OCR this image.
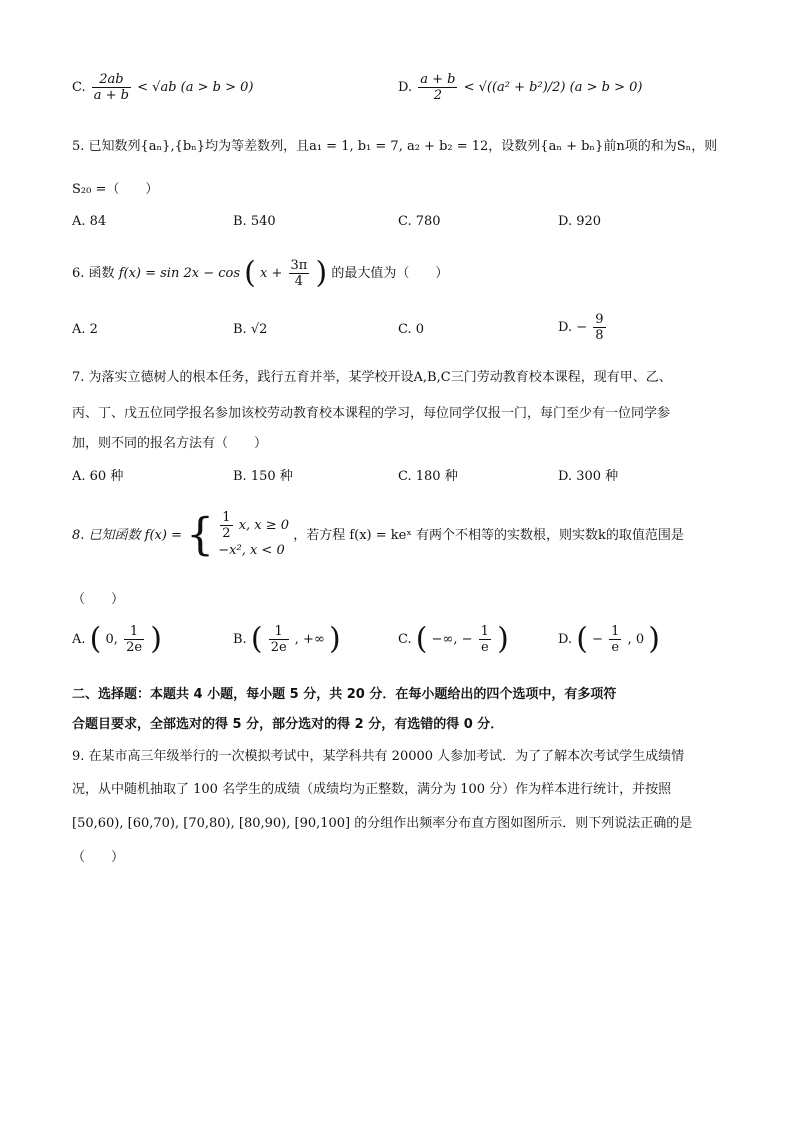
C. $\frac{2ab}{a + b} < √ab$ (a > b > 0)	D. $\frac{a + b}{2} < √((a^2 + b^2)/2) (a > b > 0)$
5. 已知数列{aₙ},{bₙ}均为等差数列，且a₁ = 1, b₁ = 7, a₂ + b₂ = 12，设数列{aₙ + bₙ}前n项的和为Sₙ，则
S₂₀ =（　　）
A. 84	B. 540	C. 780	D. 920
6. 函数 f(x) = sin 2x − cos ( $x + \frac{3\pi}{4}$ ) 的最大值为（　　）
A. 2	B. √2	C. 0	D. − $\frac{9}{8}$
7. 为落实立德树人的根本任务，践行五育并举，某学校开设A,B,C三门劳动教育校本课程，现有甲、乙、
丙、丁、戊五位同学报名参加该校劳动教育校本课程的学习，每位同学仅报一门，每门至少有一位同学参
加，则不同的报名方法有（　　）
A. 60 种	B. 150 种	C. 180 种	D. 300 种
8. 已知函数 f(x) = { $\frac{1}{2} x$, x ≥ 0
−x², x < 0
，若方程 f(x) = keˣ 有两个不相等的实数根，则实数k的取值范围是
（　　）
A. ( 0, $\frac{1}{2e}$ )	B. ( $\frac{1}{2e}$ , +∞ )	C. ( −∞, − $\frac{1}{e}$ )	D. ( − $\frac{1}{e}$ , 0 )
二、选择题：本题共 4 小题，每小题 5 分，共 20 分．在每小题给出的四个选项中，有多项符
合题目要求，全部选对的得 5 分，部分选对的得 2 分，有选错的得 0 分．
9. 在某市高三年级举行的一次模拟考试中，某学科共有 20000 人参加考试．为了了解本次考试学生成绩情
况，从中随机抽取了 100 名学生的成绩（成绩均为正整数，满分为 100 分）作为样本进行统计，并按照
[50,60), [60,70), [70,80), [80,90), [90,100] 的分组作出频率分布直方图如图所示．则下列说法正确的是
（　　）
